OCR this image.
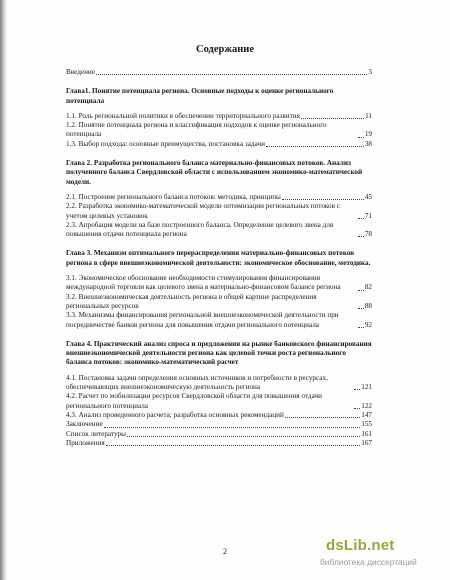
Содержание
Введение	3
Глава1. Понятие потенциала региона. Основные подходы к оценке регионального потенциала
1.1. Роль региональной политики в обеспечении территориального развития	11
1.2. Понятие потенциала региона и классификация подходов к оценке регионального потенциала	19
1.3. Выбор подхода: основные преимущества, постановка задачи	38
Глава 2. Разработка регионального баланса материально-финансовых потоков. Анализ полученного баланса Свердловской области с использованием экономико-математической модели.
2.1. Построение регионального баланса потоков: методика, принципы	45
2.2. Разработка экономико-математической модели оптимизации региональных потоков с учетом целевых установок	71
2.3. Апробация модели на базе построенного баланса. Определение целевого звена для повышения отдачи потенциала региона	78
Глава 3. Механизм оптимального перераспределения материально-финансовых потоков региона в сфере внешнеэкономической деятельности: экономическое обоснование, методика.
3.1. Экономическое обоснование необходимости стимулирования финансирования международной торговли как целевого звена в материально-финансовом балансе региона	82
3.2. Внешнеэкономическая деятельность региона в общей картине распределения региональных ресурсов	88
3.3. Механизмы финансирования региональной внешнеэкономической деятельности при посредничестве банков региона для повышения отдачи регионального потенциала	92
Глава 4. Практический анализ спроса и предложения на рынке банковского финансирования внешнеэкономической деятельности региона как целевой точки роста регионального баланса потоков: экономико-математический расчет
4.1. Постановка задачи определения основных источников и потребности в ресурсах, обеспечивающих внешнеэкономическую деятельность региона	121
4.2. Расчет по мобилизации ресурсов Свердловской области для повышения отдачи регионального потенциала	122
4.3. Анализ проведенного расчета; разработка основных рекомендаций	147
Заключение	155
Список литературы	161
Приложения	167
2	dsLib.net
библиотека диссертаций
